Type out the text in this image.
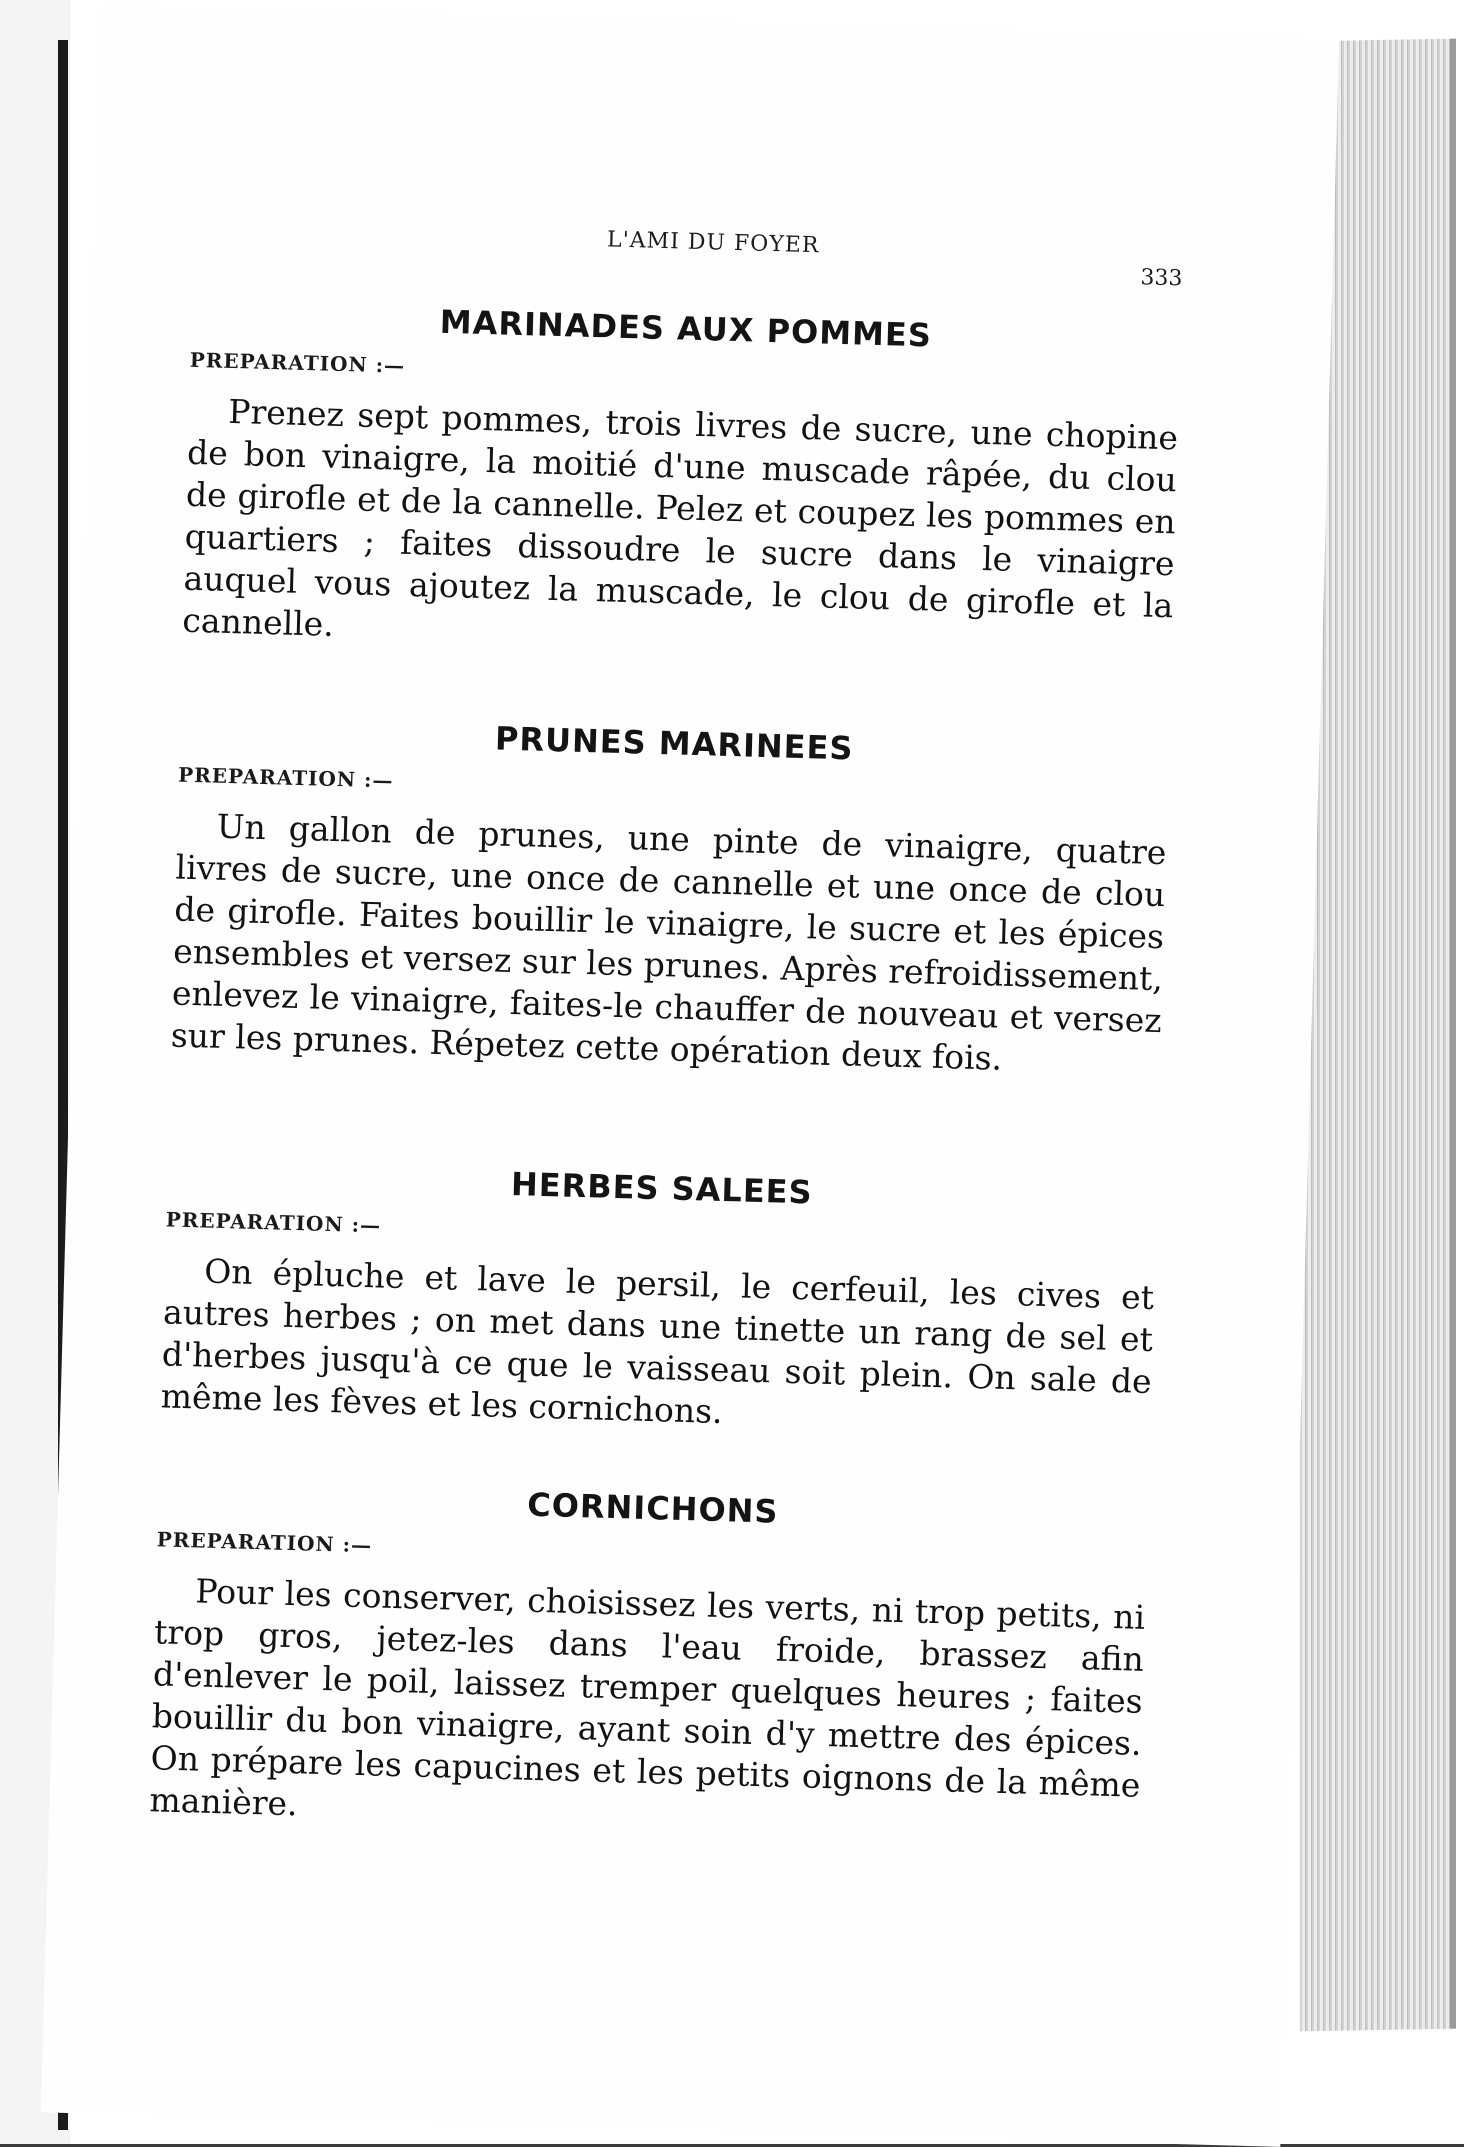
L'AMI DU FOYER
333
MARINADES AUX POMMES
PREPARATION :—

Prenez sept pommes, trois livres de sucre, une chopine de bon vinaigre, la moitié d'une muscade râpée, du clou de girofle et de la cannelle. Pelez et coupez les pommes en quartiers ; faites dissoudre le sucre dans le vinaigre auquel vous ajoutez la muscade, le clou de girofle et la cannelle.

PRUNES MARINEES
PREPARATION :—

Un gallon de prunes, une pinte de vinaigre, quatre livres de sucre, une once de cannelle et une once de clou de girofle. Faites bouillir le vinaigre, le sucre et les épices ensembles et versez sur les prunes. Après refroidissement, enlevez le vinaigre, faites-le chauffer de nouveau et versez sur les prunes. Répetez cette opération deux fois.

HERBES SALEES
PREPARATION :—

On épluche et lave le persil, le cerfeuil, les cives et autres herbes ; on met dans une tinette un rang de sel et d'herbes jusqu'à ce que le vaisseau soit plein. On sale de même les fèves et les cornichons.

CORNICHONS
PREPARATION :—

Pour les conserver, choisissez les verts, ni trop petits, ni trop gros, jetez-les dans l'eau froide, brassez afin d'enlever le poil, laissez tremper quelques heures ; faites bouillir du bon vinaigre, ayant soin d'y mettre des épices. On prépare les capucines et les petits oignons de la même manière.
